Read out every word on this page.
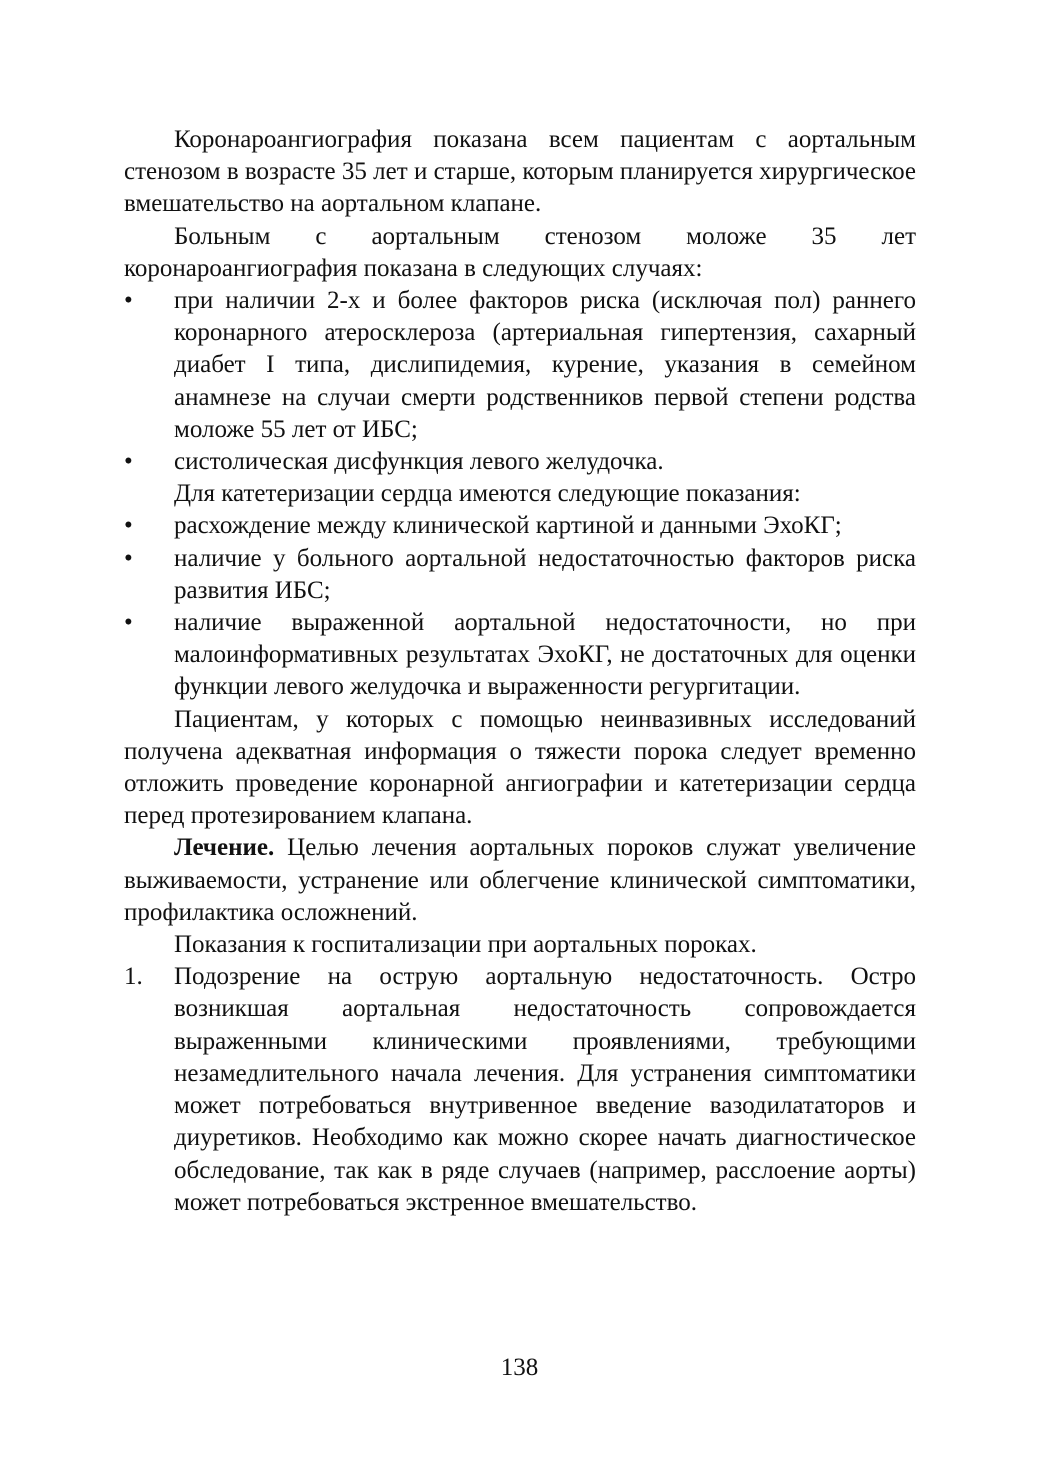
Коронароангиография показана всем пациентам с аортальным стенозом в возрасте 35 лет и старше, которым планируется хирургическое вмешательство на аортальном клапане.

Больным с аортальным стенозом моложе 35 лет коронароангиография показана в следующих случаях:

•	при наличии 2-х и более факторов риска (исключая пол) раннего коронарного атеросклероза (артериальная гипертензия, сахарный диабет I типа, дислипидемия, курение, указания в семейном анамнезе на случаи смерти родственников первой степени родства моложе 55 лет от ИБС;
•	систолическая дисфункция левого желудочка.

Для катетеризации сердца имеются следующие показания:

•	расхождение между клинической картиной и данными ЭхоКГ;
•	наличие у больного аортальной недостаточностью факторов риска развития ИБС;
•	наличие выраженной аортальной недостаточности, но при малоинформативных результатах ЭхоКГ, не достаточных для оценки функции левого желудочка и выраженности регургитации.

Пациентам, у которых с помощью неинвазивных исследований получена адекватная информация о тяжести порока следует временно отложить проведение коронарной ангиографии и катетеризации сердца перед протезированием клапана.

Лечение. Целью лечения аортальных пороков служат увеличение выживаемости, устранение или облегчение клинической симптоматики, профилактика осложнений.

Показания к госпитализации при аортальных пороках.

1.	Подозрение на острую аортальную недостаточность. Остро возникшая аортальная недостаточность сопровождается выраженными клиническими проявлениями, требующими незамедлительного начала лечения. Для устранения симптоматики может потребоваться внутривенное введение вазодилататоров и диуретиков. Необходимо как можно скорее начать диагностическое обследование, так как в ряде случаев (например, расслоение аорты) может потребоваться экстренное вмешательство.
138
